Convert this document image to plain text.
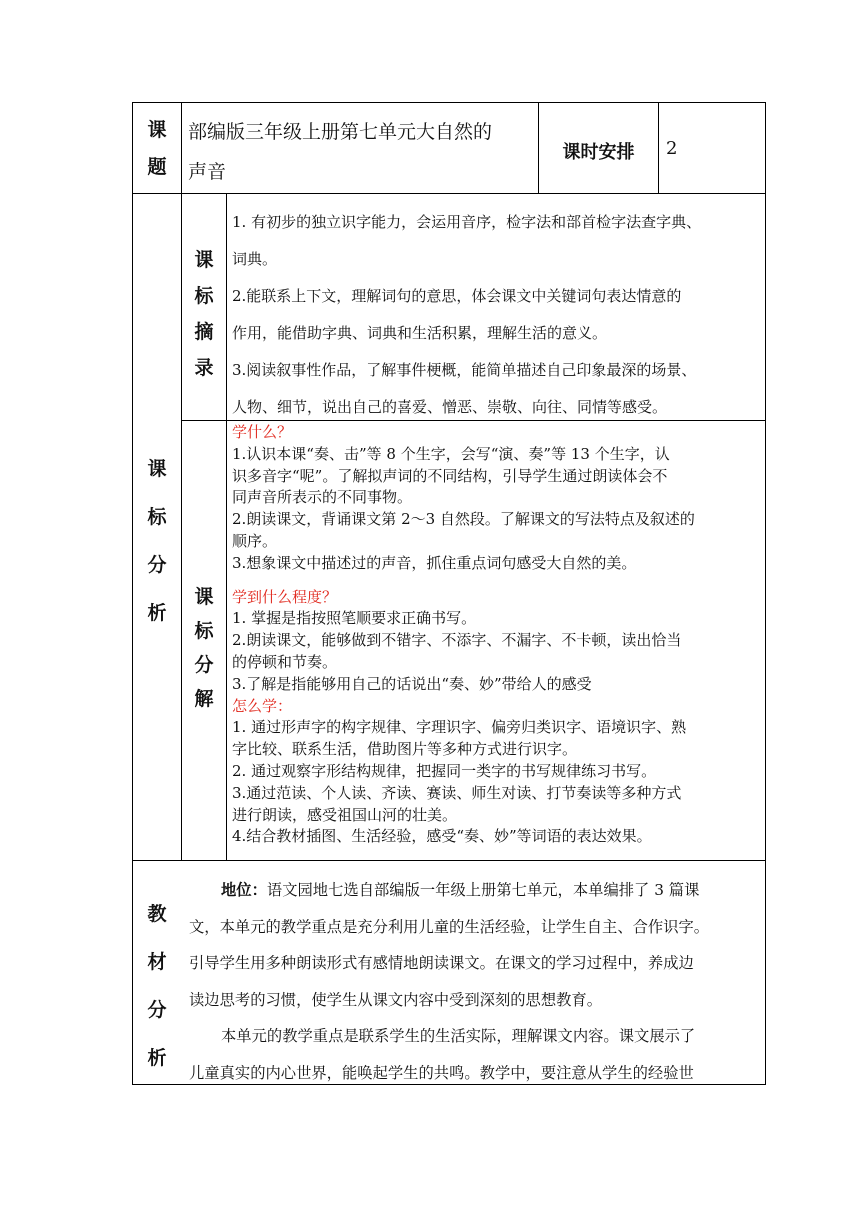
课
题
部编版三年级上册第七单元大自然的
声音
课时安排	2
课
标
分
析
课
标
摘
录
1. 有初步的独立识字能力，会运用音序，检字法和部首检字法查字典、
词典。
2.能联系上下文，理解词句的意思，体会课文中关键词句表达情意的
作用，能借助字典、词典和生活积累，理解生活的意义。
3.阅读叙事性作品，了解事件梗概，能简单描述自己印象最深的场景、
人物、细节，说出自己的喜爱、憎恶、崇敬、向往、同情等感受。
课
标
分
解
学什么？
1.认识本课“奏、击”等 8 个生字，会写“演、奏”等 13 个生字，认
识多音字“呢”。了解拟声词的不同结构，引导学生通过朗读体会不
同声音所表示的不同事物。
2.朗读课文，背诵课文第 2～3 自然段。了解课文的写法特点及叙述的
顺序。
3.想象课文中描述过的声音，抓住重点词句感受大自然的美。
学到什么程度？
1. 掌握是指按照笔顺要求正确书写。
2.朗读课文，能够做到不错字、不添字、不漏字、不卡顿，读出恰当
的停顿和节奏。
3.了解是指能够用自己的话说出“奏、妙”带给人的感受
怎么学：
1. 通过形声字的构字规律、字理识字、偏旁归类识字、语境识字、熟
字比较、联系生活，借助图片等多种方式进行识字。
2. 通过观察字形结构规律，把握同一类字的书写规律练习书写。
3.通过范读、个人读、齐读、赛读、师生对读、打节奏读等多种方式
进行朗读，感受祖国山河的壮美。
4.结合教材插图、生活经验，感受“奏、妙”等词语的表达效果。
教
材
分
析
地位：语文园地七选自部编版一年级上册第七单元，本单编排了 3 篇课
文，本单元的教学重点是充分利用儿童的生活经验，让学生自主、合作识字。
引导学生用多种朗读形式有感情地朗读课文。在课文的学习过程中，养成边
读边思考的习惯，使学生从课文内容中受到深刻的思想教育。
本单元的教学重点是联系学生的生活实际，理解课文内容。课文展示了
儿童真实的内心世界，能唤起学生的共鸣。教学中，要注意从学生的经验世
